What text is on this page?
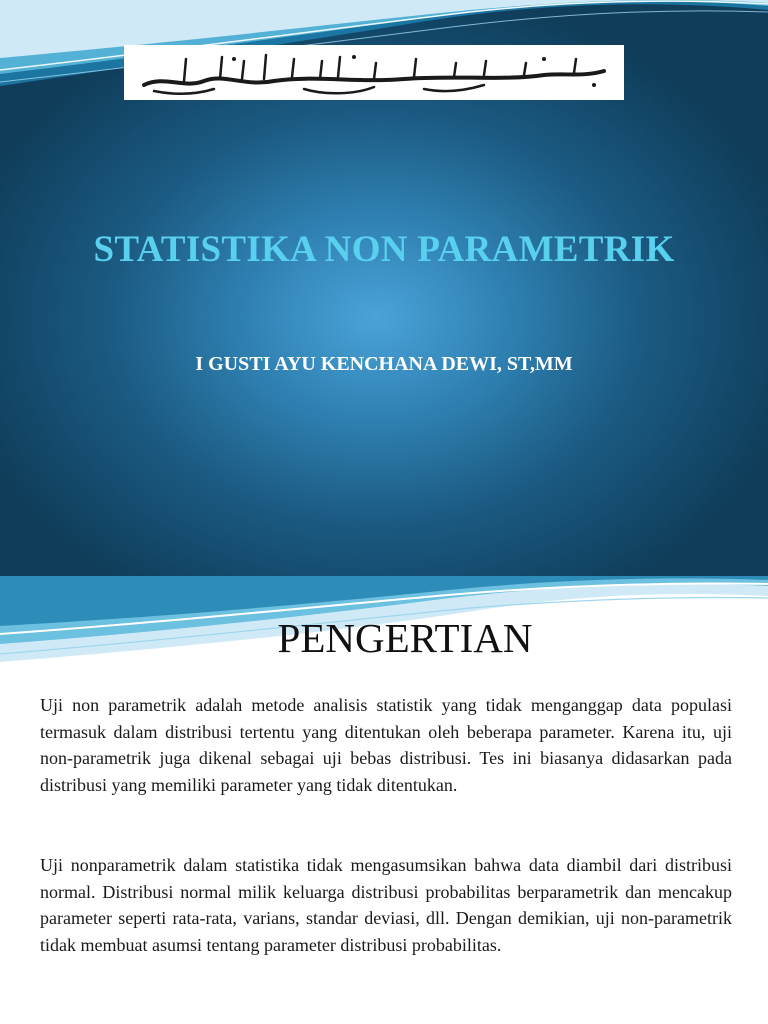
STATISTIKA NON PARAMETRIK
I GUSTI AYU KENCHANA DEWI, ST,MM
PENGERTIAN

Uji non parametrik adalah metode analisis statistik yang tidak menganggap data populasi termasuk dalam distribusi tertentu yang ditentukan oleh beberapa parameter. Karena itu, uji non-parametrik juga dikenal sebagai uji bebas distribusi. Tes ini biasanya didasarkan pada distribusi yang memiliki parameter yang tidak ditentukan.

Uji nonparametrik dalam statistika tidak mengasumsikan bahwa data diambil dari distribusi normal. Distribusi normal milik keluarga distribusi probabilitas berparametrik dan mencakup parameter seperti rata-rata, varians, standar deviasi, dll. Dengan demikian, uji non-parametrik tidak membuat asumsi tentang parameter distribusi probabilitas.
